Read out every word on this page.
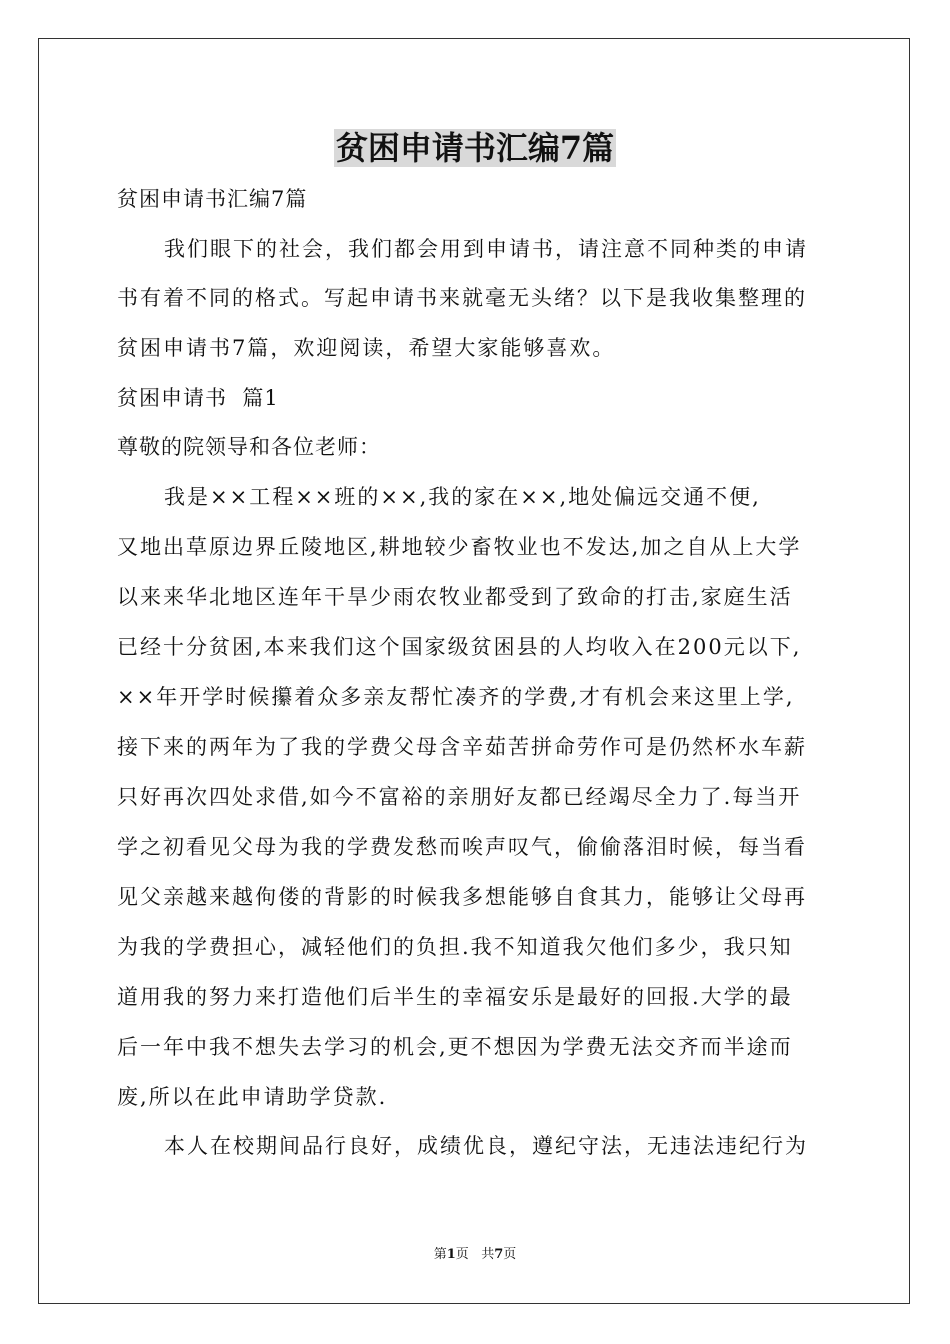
贫困申请书汇编7篇
贫困申请书汇编7篇
我们眼下的社会，我们都会用到申请书，请注意不同种类的申请
书有着不同的格式。写起申请书来就毫无头绪？以下是我收集整理的
贫困申请书7篇，欢迎阅读，希望大家能够喜欢。
贫困申请书  篇1
尊敬的院领导和各位老师：
我是××工程××班的××,我的家在××,地处偏远交通不便,
又地出草原边界丘陵地区,耕地较少畜牧业也不发达,加之自从上大学
以来来华北地区连年干旱少雨农牧业都受到了致命的打击,家庭生活
已经十分贫困,本来我们这个国家级贫困县的人均收入在200元以下,
××年开学时候攥着众多亲友帮忙凑齐的学费,才有机会来这里上学,
接下来的两年为了我的学费父母含辛茹苦拼命劳作可是仍然杯水车薪
只好再次四处求借,如今不富裕的亲朋好友都已经竭尽全力了.每当开
学之初看见父母为我的学费发愁而唉声叹气，偷偷落泪时候，每当看
见父亲越来越佝偻的背影的时候我多想能够自食其力，能够让父母再
为我的学费担心，减轻他们的负担.我不知道我欠他们多少，我只知
道用我的努力来打造他们后半生的幸福安乐是最好的回报.大学的最
后一年中我不想失去学习的机会,更不想因为学费无法交齐而半途而
废,所以在此申请助学贷款.
本人在校期间品行良好，成绩优良，遵纪守法，无违法违纪行为
第1页 共7页
